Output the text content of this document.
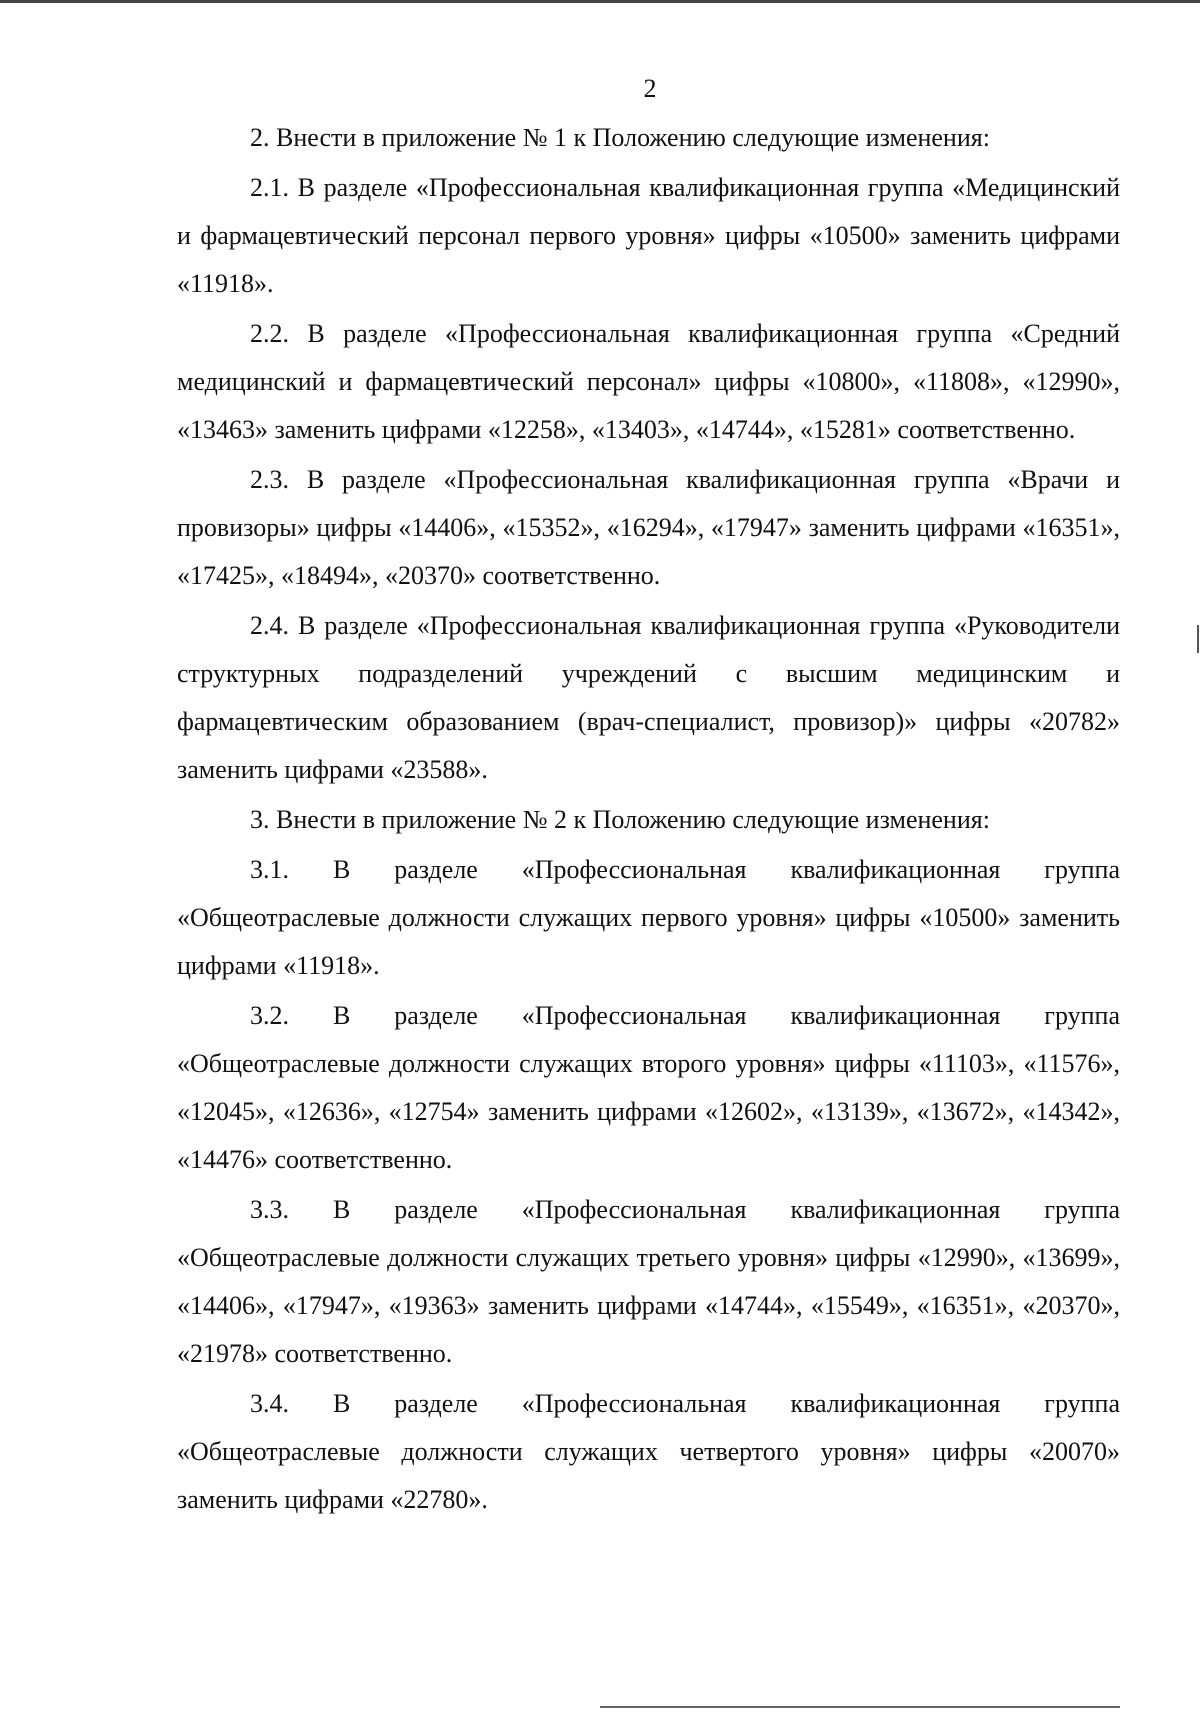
2

2. Внести в приложение № 1 к Положению следующие изменения:

2.1. В разделе «Профессиональная квалификационная группа «Медицинский и фармацевтический персонал первого уровня» цифры «10500» заменить цифрами «11918».

2.2. В разделе «Профессиональная квалификационная группа «Средний медицинский и фармацевтический персонал» цифры «10800», «11808», «12990», «13463» заменить цифрами «12258», «13403», «14744», «15281» соответственно.

2.3. В разделе «Профессиональная квалификационная группа «Врачи и провизоры» цифры «14406», «15352», «16294», «17947» заменить цифрами «16351», «17425», «18494», «20370» соответственно.

2.4. В разделе «Профессиональная квалификационная группа «Руководители структурных подразделений учреждений с высшим медицинским и фармацевтическим образованием (врач-специалист, провизор)» цифры «20782» заменить цифрами «23588».

3. Внести в приложение № 2 к Положению следующие изменения:

3.1. В разделе «Профессиональная квалификационная группа «Общеотраслевые должности служащих первого уровня» цифры «10500» заменить цифрами «11918».

3.2. В разделе «Профессиональная квалификационная группа «Общеотраслевые должности служащих второго уровня» цифры «11103», «11576», «12045», «12636», «12754» заменить цифрами «12602», «13139», «13672», «14342», «14476» соответственно.

3.3. В разделе «Профессиональная квалификационная группа «Общеотраслевые должности служащих третьего уровня» цифры «12990», «13699», «14406», «17947», «19363» заменить цифрами «14744», «15549», «16351», «20370», «21978» соответственно.

3.4. В разделе «Профессиональная квалификационная группа «Общеотраслевые должности служащих четвертого уровня» цифры «20070» заменить цифрами «22780».
